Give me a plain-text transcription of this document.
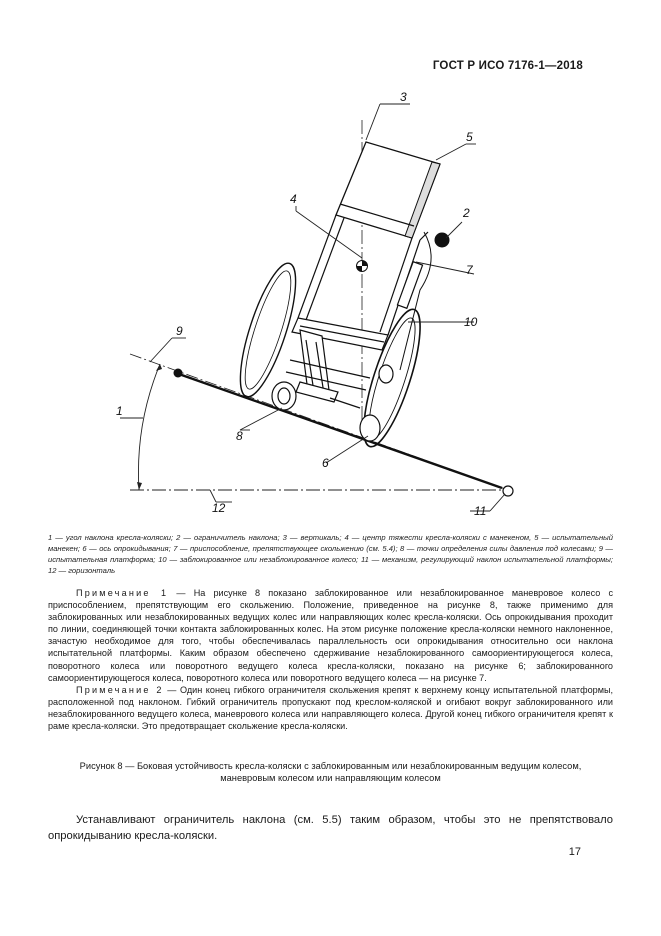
ГОСТ Р ИСО 7176-1—2018
3
5
2
4
7
10
9
1
8
6
12	11
1 — угол наклона кресла-коляски; 2 — ограничитель наклона; 3 — вертикаль; 4 — центр тяжести кресла-коляски с манекеном, 5 — испытательный манекен; 6 — ось опрокидывания; 7 — приспособление, препятствующее скольжению (см. 5.4); 8 — точки определения силы давления под колесами; 9 — испытательная платформа; 10 — заблокированное или незаблокированное колесо; 11 — механизм, регулирующий наклон испытательной платформы; 12 — горизонталь

Примечание 1 — На рисунке 8 показано заблокированное или незаблокированное маневровое колесо с приспособлением, препятствующим его скольжению. Положение, приведенное на рисунке 8, также применимо для заблокированных или незаблокированных ведущих колес или направляющих колес кресла-коляски. Ось опрокидывания проходит по линии, соединяющей точки контакта заблокированных колес. На этом рисунке положение кресла-коляски немного наклоненное, зачастую необходимое для того, чтобы обеспечивалась параллельность оси опрокидывания относительно оси наклона испытательной платформы. Каким образом обеспечено сдерживание незаблокированного самоориентирующегося колеса, поворотного колеса или поворотного ведущего колеса кресла-коляски, показано на рисунке 6; заблокированного самоориентирующегося колеса, поворотного колеса или поворотного ведущего колеса — на рисунке 7.

Примечание 2 — Один конец гибкого ограничителя скольжения крепят к верхнему концу испытательной платформы, расположенной под наклоном. Гибкий ограничитель пропускают под креслом-коляской и огибают вокруг заблокированного или незаблокированного ведущего колеса, маневрового колеса или направляющего колеса. Другой конец гибкого ограничителя крепят к раме кресла-коляски. Это предотвращает скольжение кресла-коляски.

Рисунок 8 — Боковая устойчивость кресла-коляски с заблокированным или незаблокированным ведущим колесом, маневровым колесом или направляющим колесом
Устанавливают ограничитель наклона (см. 5.5) таким образом, чтобы это не препятствовало опрокидыванию кресла-коляски.
17
